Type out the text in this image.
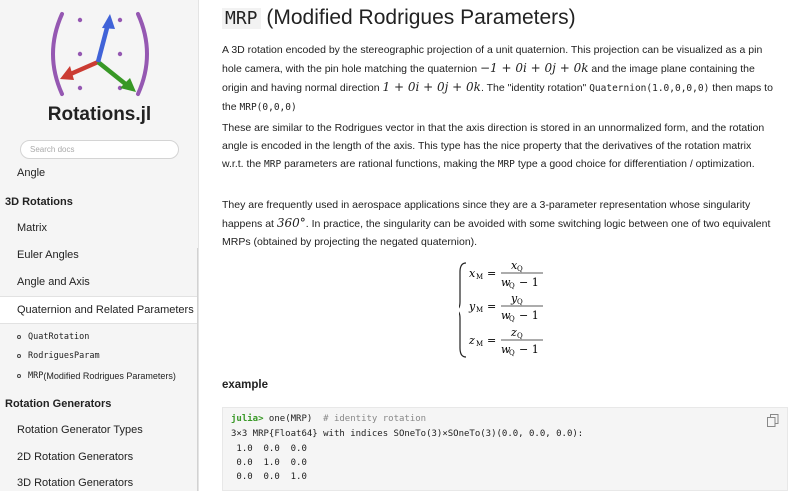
Rotations.jl
Search docs
Angle
3D Rotations
Matrix
Euler Angles
Angle and Axis
Quaternion and Related Parameters
QuatRotation
RodriguesParam
MRP (Modified Rodrigues Parameters)
Rotation Generators
Rotation Generator Types
2D Rotation Generators
3D Rotation Generators
MRP (Modified Rodrigues Parameters)

A 3D rotation encoded by the stereographic projection of a unit quaternion. This projection can be visualized as a pin hole camera, with the pin hole matching the quaternion −1 + 0i + 0j + 0k and the image plane containing the origin and having normal direction 1 + 0i + 0j + 0k. The "identity rotation" Quaternion(1.0,0,0,0) then maps to the MRP(0,0,0)

These are similar to the Rodrigues vector in that the axis direction is stored in an unnormalized form, and the rotation angle is encoded in the length of the axis. This type has the nice property that the derivatives of the rotation matrix w.r.t. the MRP parameters are rational functions, making the MRP type a good choice for differentiation / optimization.

They are frequently used in aerospace applications since they are a 3-parameter representation whose singularity happens at 360°. In practice, the singularity can be avoided with some switching logic between one of two equivalent MRPs (obtained by projecting the negated quaternion).

x M =
x Q
w
Q − 1
y M =
y Q
w
Q − 1
z M =
z Q
w
Q − 1
example
julia> one(MRP)  # identity rotation
3×3 MRP{Float64} with indices SOneTo(3)×SOneTo(3)(0.0, 0.0, 0.0):
1.0  0.0  0.0
0.0  1.0  0.0
0.0  0.0  1.0
